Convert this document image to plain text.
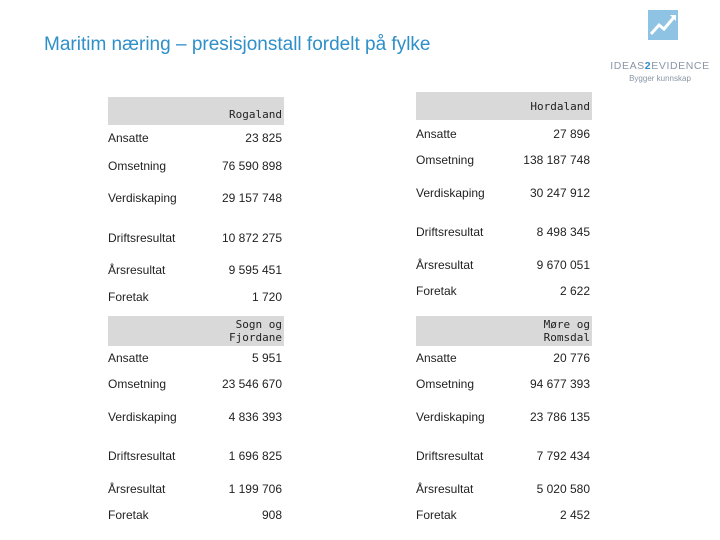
Maritim næring – presisjonstall fordelt på fylke
IDEAS2EVIDENCE
Bygger kunnskap
Rogaland
Ansatte	23 825
Omsetning	76 590 898
Verdiskaping	29 157 748
Driftsresultat	10 872 275
Årsresultat	9 595 451
Foretak	1 720
Hordaland
Ansatte	27 896
Omsetning	138 187 748
Verdiskaping	30 247 912
Driftsresultat	8 498 345
Årsresultat	9 670 051
Foretak	2 622
Sogn og
Fjordane
Ansatte	5 951
Omsetning	23 546 670
Verdiskaping	4 836 393
Driftsresultat	1 696 825
Årsresultat	1 199 706
Foretak	908
Møre og
Romsdal
Ansatte	20 776
Omsetning	94 677 393
Verdiskaping	23 786 135
Driftsresultat	7 792 434
Årsresultat	5 020 580
Foretak	2 452
